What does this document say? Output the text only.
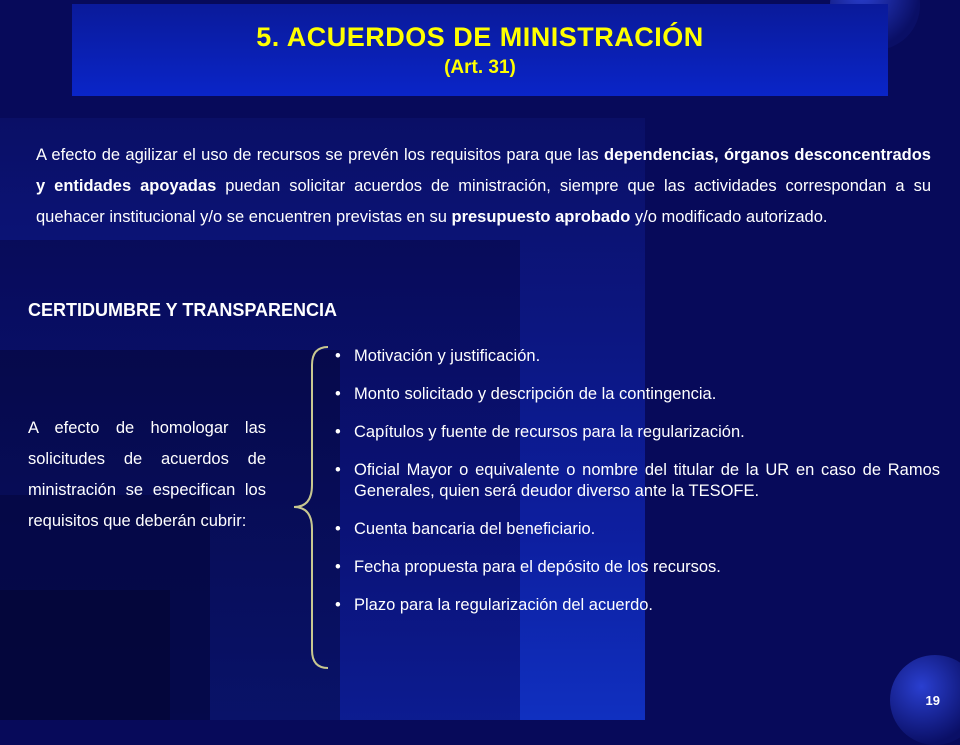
5. ACUERDOS DE MINISTRACIÓN
(Art. 31)
A efecto de agilizar el uso de recursos se prevén los requisitos para que las dependencias, órganos desconcentrados y entidades apoyadas puedan solicitar acuerdos de ministración, siempre que las actividades correspondan a su quehacer institucional y/o se encuentren previstas en su presupuesto aprobado y/o modificado autorizado.
CERTIDUMBRE Y TRANSPARENCIA
A efecto de homologar las solicitudes de acuerdos de ministración se especifican los requisitos que deberán cubrir:
• Motivación y justificación.
• Monto solicitado y descripción de la contingencia.
• Capítulos y fuente de recursos para la regularización.
• Oficial Mayor o equivalente o nombre del titular de la UR en caso de Ramos Generales, quien será deudor diverso ante la TESOFE.
• Cuenta bancaria del beneficiario.
• Fecha propuesta para el depósito de los recursos.
• Plazo para la regularización del acuerdo.
19
